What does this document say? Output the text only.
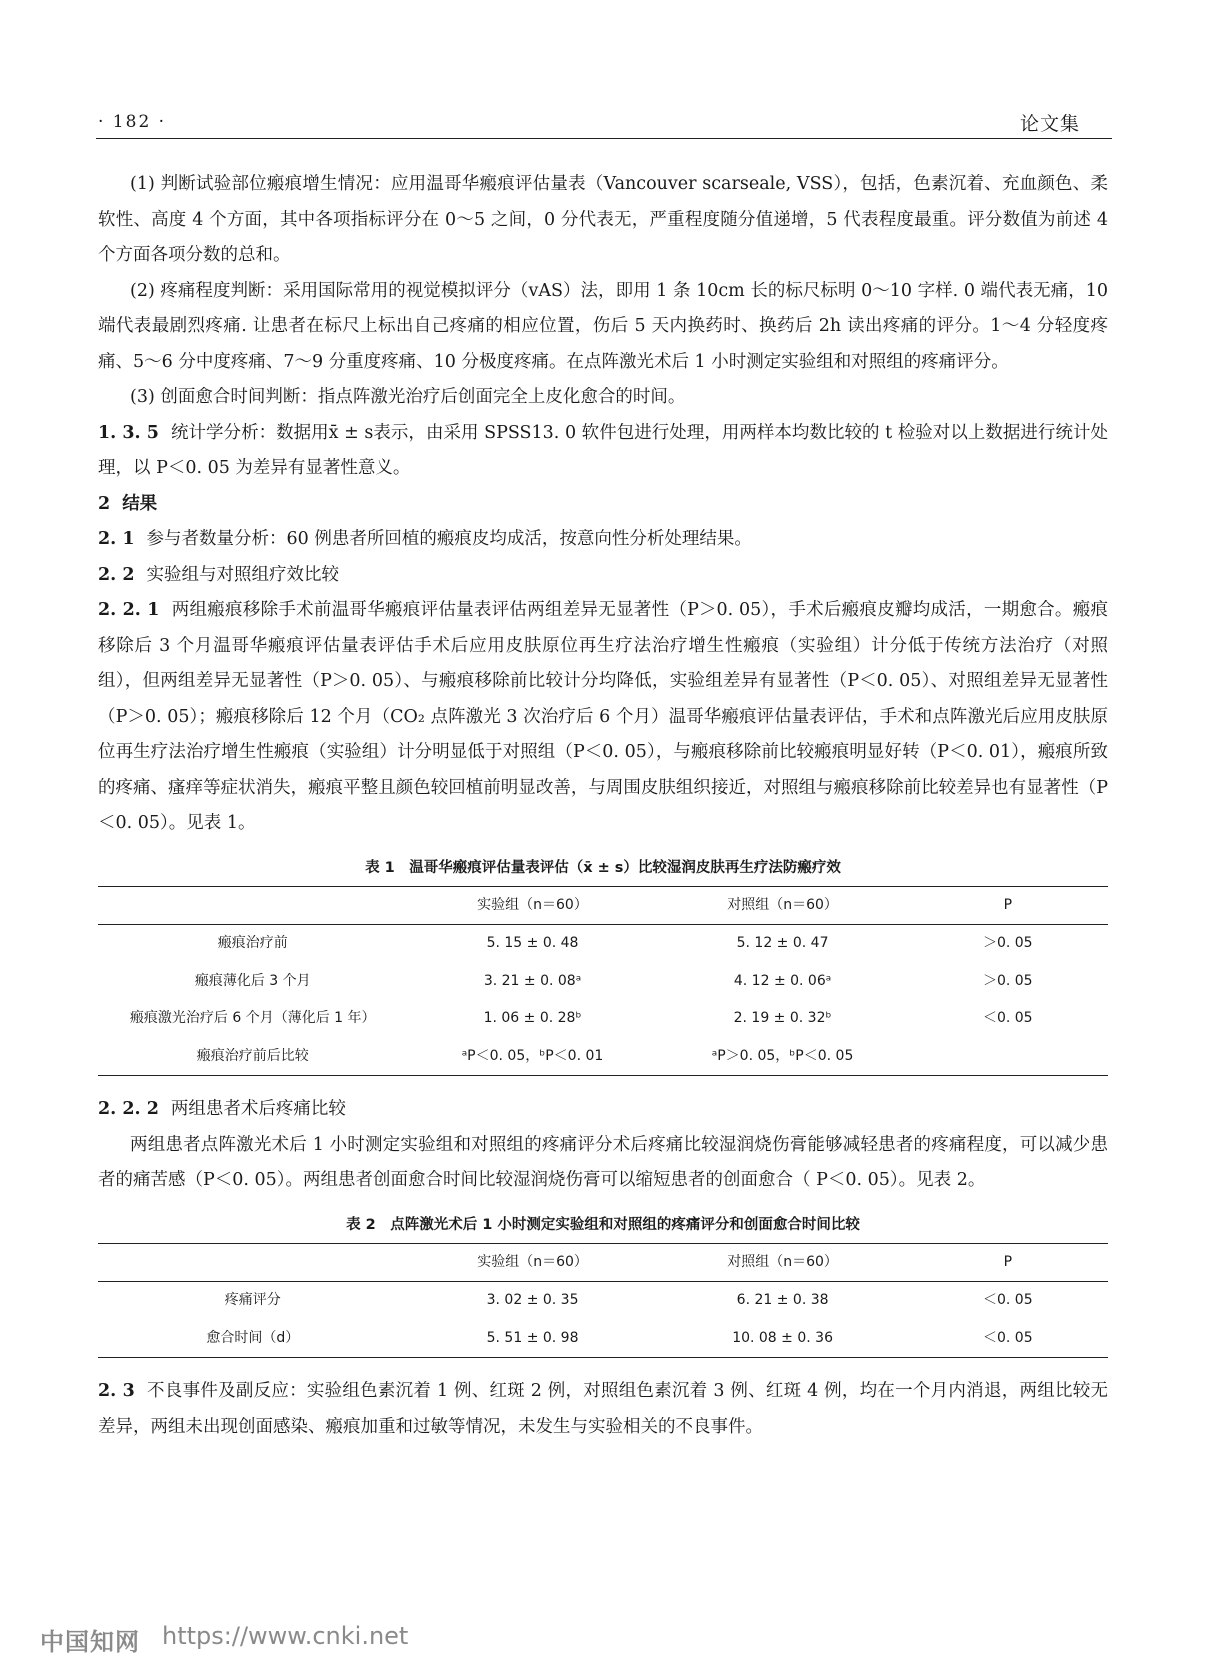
· 182 ·	论文集

(1) 判断试验部位瘢痕增生情况：应用温哥华瘢痕评估量表（Vancouver scarseale, VSS），包括，色素沉着、充血颜色、柔软性、高度 4 个方面，其中各项指标评分在 0～5 之间，0 分代表无，严重程度随分值递增，5 代表程度最重。评分数值为前述 4 个方面各项分数的总和。

(2) 疼痛程度判断：采用国际常用的视觉模拟评分（vAS）法，即用 1 条 10cm 长的标尺标明 0～10 字样. 0 端代表无痛，10 端代表最剧烈疼痛. 让患者在标尺上标出自己疼痛的相应位置，伤后 5 天内换药时、换药后 2h 读出疼痛的评分。1～4 分轻度疼痛、5～6 分中度疼痛、7～9 分重度疼痛、10 分极度疼痛。在点阵激光术后 1 小时测定实验组和对照组的疼痛评分。

(3) 创面愈合时间判断：指点阵激光治疗后创面完全上皮化愈合的时间。

1. 3. 5 统计学分析：数据用x̄ ± s表示，由采用 SPSS13. 0 软件包进行处理，用两样本均数比较的 t 检验对以上数据进行统计处理，以 P＜0. 05 为差异有显著性意义。

2 结果

2. 1 参与者数量分析：60 例患者所回植的瘢痕皮均成活，按意向性分析处理结果。

2. 2 实验组与对照组疗效比较

2. 2. 1 两组瘢痕移除手术前温哥华瘢痕评估量表评估两组差异无显著性（P＞0. 05），手术后瘢痕皮瓣均成活，一期愈合。瘢痕移除后 3 个月温哥华瘢痕评估量表评估手术后应用皮肤原位再生疗法治疗增生性瘢痕（实验组）计分低于传统方法治疗（对照组），但两组差异无显著性（P＞0. 05）、与瘢痕移除前比较计分均降低，实验组差异有显著性（P＜0. 05）、对照组差异无显著性（P＞0. 05）；瘢痕移除后 12 个月（CO₂ 点阵激光 3 次治疗后 6 个月）温哥华瘢痕评估量表评估，手术和点阵激光后应用皮肤原位再生疗法治疗增生性瘢痕（实验组）计分明显低于对照组（P＜0. 05），与瘢痕移除前比较瘢痕明显好转（P＜0. 01），瘢痕所致的疼痛、瘙痒等症状消失，瘢痕平整且颜色较回植前明显改善，与周围皮肤组织接近，对照组与瘢痕移除前比较差异也有显著性（P＜0. 05）。见表 1。

表 1　温哥华瘢痕评估量表评估（x̄ ± s）比较湿润皮肤再生疗法防瘢疗效
	实验组（n＝60）	对照组（n＝60）	P
瘢痕治疗前	5. 15 ± 0. 48	5. 12 ± 0. 47	＞0. 05
瘢痕薄化后 3 个月	3. 21 ± 0. 08ᵃ	4. 12 ± 0. 06ᵃ	＞0. 05
瘢痕激光治疗后 6 个月（薄化后 1 年）	1. 06 ± 0. 28ᵇ	2. 19 ± 0. 32ᵇ	＜0. 05
瘢痕治疗前后比较	ᵃP＜0. 05，ᵇP＜0. 01	ᵃP＞0. 05，ᵇP＜0. 05	

2. 2. 2 两组患者术后疼痛比较

两组患者点阵激光术后 1 小时测定实验组和对照组的疼痛评分术后疼痛比较湿润烧伤膏能够减轻患者的疼痛程度，可以减少患者的痛苦感（P＜0. 05）。两组患者创面愈合时间比较湿润烧伤膏可以缩短患者的创面愈合（ P＜0. 05）。见表 2。

表 2　点阵激光术后 1 小时测定实验组和对照组的疼痛评分和创面愈合时间比较
	实验组（n＝60）	对照组（n＝60）	P
疼痛评分	3. 02 ± 0. 35	6. 21 ± 0. 38	＜0. 05
愈合时间（d）	5. 51 ± 0. 98	10. 08 ± 0. 36	＜0. 05

2. 3 不良事件及副反应：实验组色素沉着 1 例、红斑 2 例，对照组色素沉着 3 例、红斑 4 例，均在一个月内消退，两组比较无差异，两组未出现创面感染、瘢痕加重和过敏等情况，未发生与实验相关的不良事件。

中国知网 https://www.cnki.net
